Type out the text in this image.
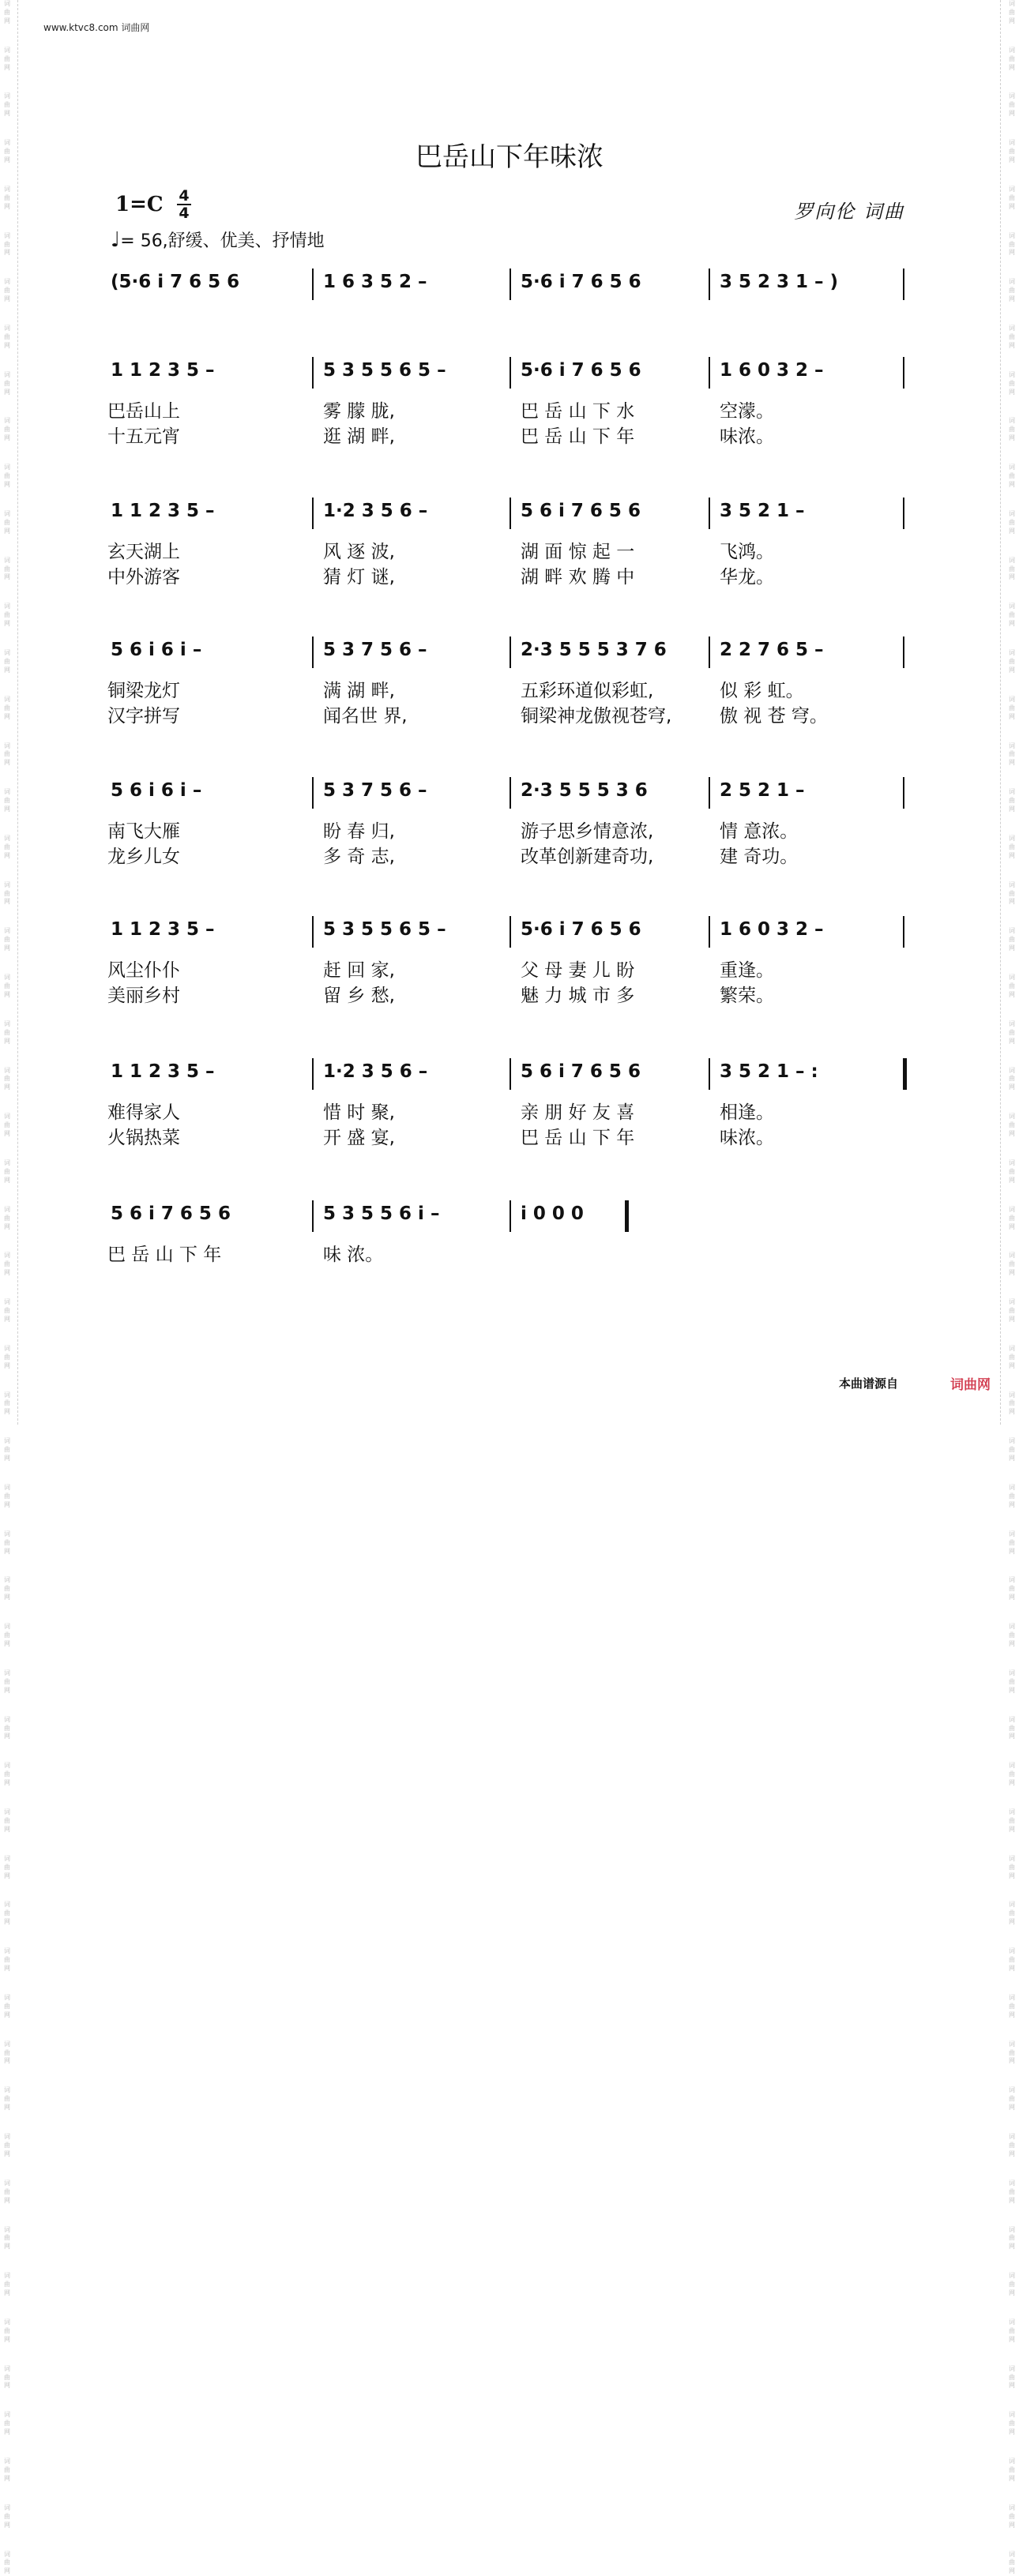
词曲网
词曲网
词曲网
词曲网
词曲网
词曲网
词曲网
词曲网
词曲网
词曲网
词曲网
词曲网
词曲网
词曲网
词曲网
词曲网
词曲网
词曲网
词曲网
词曲网
词曲网
词曲网
词曲网
词曲网
词曲网
词曲网
词曲网
词曲网
词曲网
词曲网
词曲网
词曲网
词曲网
词曲网
词曲网
词曲网
词曲网
词曲网
词曲网
词曲网
词曲网
词曲网
词曲网
词曲网
词曲网
词曲网
词曲网
词曲网
词曲网
词曲网
词曲网
词曲网
词曲网
词曲网
词曲网
词曲网
词曲网
词曲网
词曲网
词曲网
词曲网
词曲网
词曲网
词曲网
词曲网
词曲网
词曲网
词曲网
词曲网
词曲网
词曲网
词曲网
词曲网
词曲网
词曲网
词曲网
词曲网
词曲网
词曲网
词曲网
词曲网
词曲网
词曲网
词曲网
词曲网
词曲网
词曲网
词曲网
词曲网
词曲网
词曲网
词曲网
词曲网
词曲网
词曲网
词曲网
词曲网
词曲网
词曲网
词曲网
词曲网
词曲网
词曲网
词曲网
词曲网
词曲网
词曲网
词曲网
词曲网
词曲网
词曲网
词曲网
www.ktvc8.com 词曲网
巴岳山下年味浓
1=C 4
4	罗向伦 词曲
♩= 56,舒缓、优美、抒情地
(5·6 i 7 6 5 6	1 6 3 5 2 –	5·6 i 7 6 5 6	3 5 2 3 1 – )
1 1 2 3 5 –	5 3 5 5 6 5 –	5·6 i 7 6 5 6	1 6 0 3 2 –
巴岳山上	雾 朦 胧,	巴 岳 山 下 水	空濛。
十五元宵	逛 湖 畔,	巴 岳 山 下 年	味浓。
1 1 2 3 5 –	1·2 3 5 6 –	5 6 i 7 6 5 6	3 5 2 1 –
玄天湖上	风 逐 波,	湖 面 惊 起 一	飞鸿。
中外游客	猜 灯 谜,	湖 畔 欢 腾 中	华龙。
5 6 i 6 i –	5 3 7 5 6 –	2·3 5 5 5 3 7 6	2 2 7 6 5 –
铜梁龙灯	满 湖 畔,	五彩环道似彩虹,	似 彩 虹。
汉字拼写	闻名世 界,	铜梁神龙傲视苍穹,	傲 视 苍 穹。
5 6 i 6 i –	5 3 7 5 6 –	2·3 5 5 5 3 6	2 5 2 1 –
南飞大雁	盼 春 归,	游子思乡情意浓,	情 意浓。
龙乡儿女	多 奇 志,	改革创新建奇功,	建 奇功。
1 1 2 3 5 –	5 3 5 5 6 5 –	5·6 i 7 6 5 6	1 6 0 3 2 –
风尘仆仆	赶 回 家,	父 母 妻 儿 盼	重逢。
美丽乡村	留 乡 愁,	魅 力 城 市 多	繁荣。
1 1 2 3 5 –	1·2 3 5 6 –	5 6 i 7 6 5 6	3 5 2 1 – :
难得家人	惜 时 聚,	亲 朋 好 友 喜	相逢。
火锅热菜	开 盛 宴,	巴 岳 山 下 年	味浓。
5 6 i 7 6 5 6	5 3 5 5 6 i –	i 0 0 0
巴 岳 山 下 年	味 浓。
本曲谱源自	词曲网
